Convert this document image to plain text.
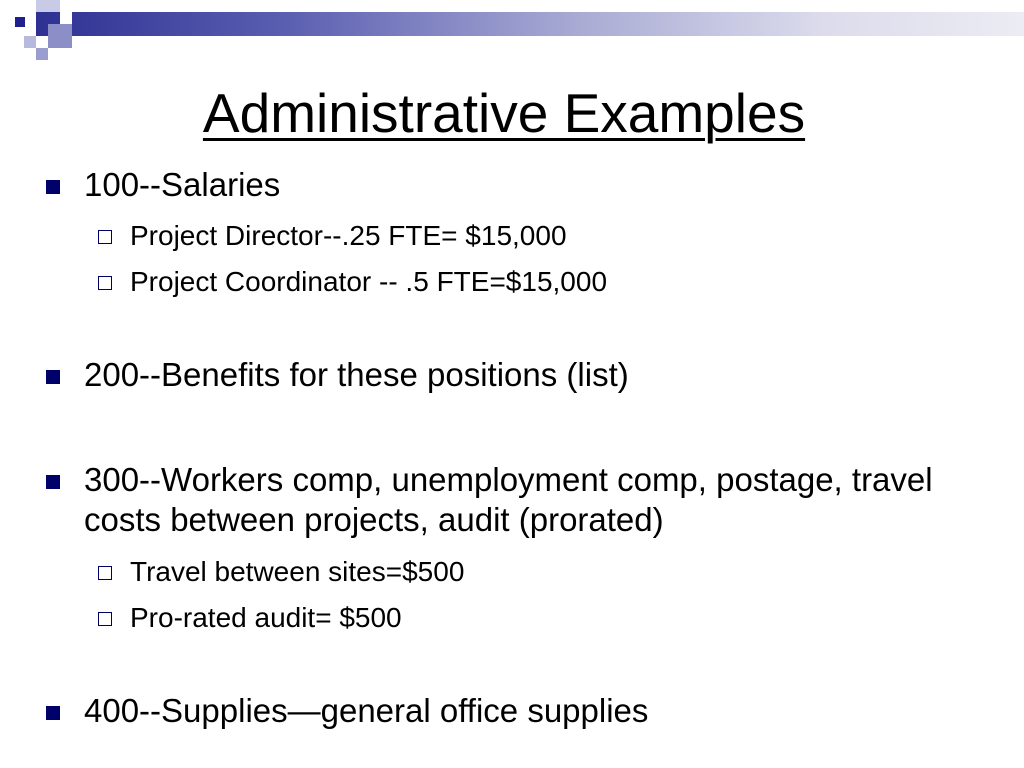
Administrative Examples
100--Salaries
Project Director--.25 FTE= $15,000
Project Coordinator -- .5 FTE=$15,000
200--Benefits for these positions (list)
300--Workers comp, unemployment comp, postage, travel costs between projects, audit (prorated)
Travel between sites=$500
Pro-rated audit= $500
400--Supplies—general office supplies
